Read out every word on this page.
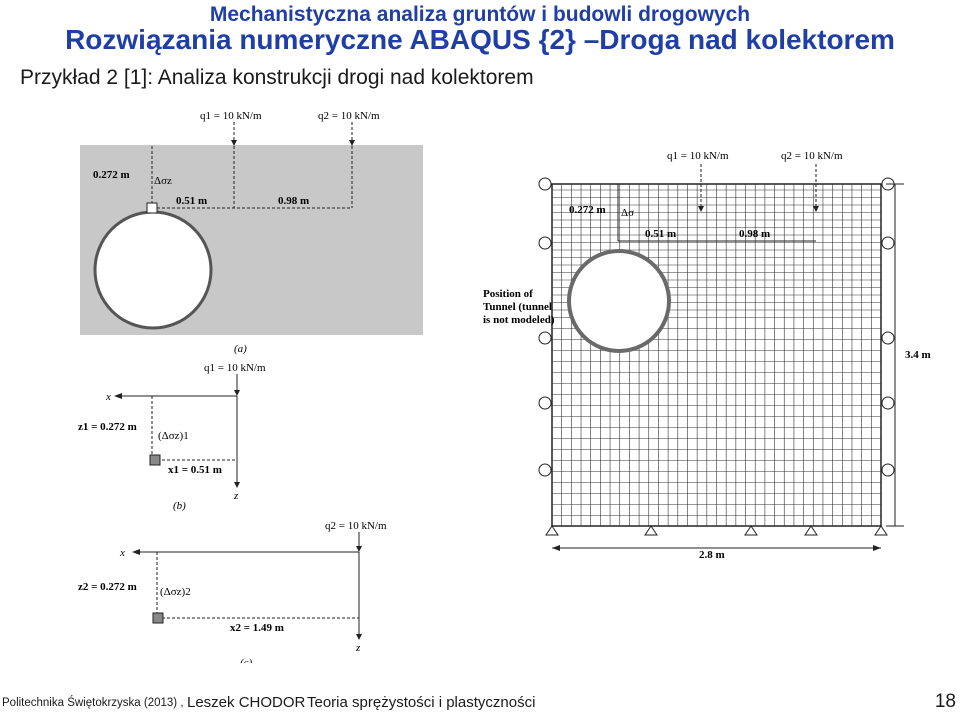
Mechanistyczna analiza gruntów i budowli drogowych
Rozwiązania numeryczne ABAQUS {2} –Droga nad kolektorem
Przykład 2 [1]: Analiza konstrukcji drogi nad kolektorem
q1 = 10 kN/m	q2 = 10 kN/m
0.272 m Δσz
0.51 m	0.98 m
(a)
q1 = 10 kN/m
x
z
z1 = 0.272 m
(Δσz)1
x1 = 0.51 m
(b)
q2 = 10 kN/m
x
z
z2 = 0.272 m (Δσz)2
x2 = 1.49 m
(c)
q1 = 10 kN/m	q2 = 10 kN/m
0.272 m Δσ
0.51 m	0.98 m
Position of
Tunnel (tunnel
is not modeled)
3.4 m
2.8 m
Politechnika Świętokrzyska (2013) , Leszek CHODOR Teoria sprężystości i plastyczności	18
